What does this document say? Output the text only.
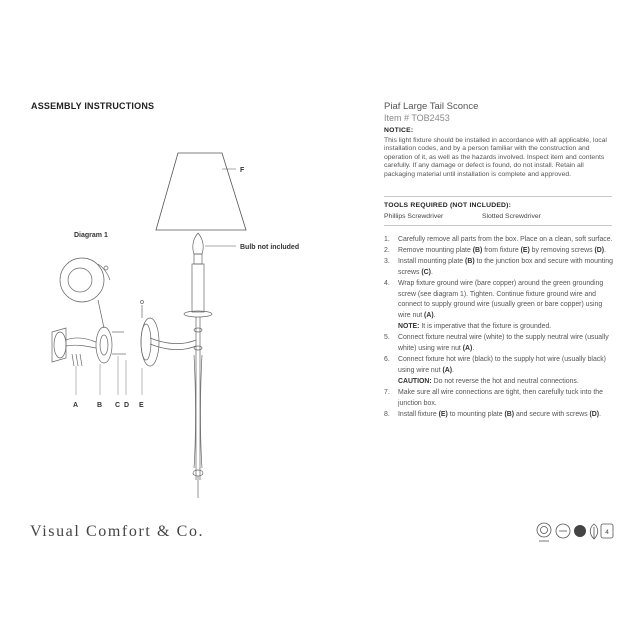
ASSEMBLY INSTRUCTIONS	Piaf Large Tail Sconce
Item # TOB2453
NOTICE:
This light fixture should be installed in accordance with all applicable, local installation codes, and by a person familiar with the construction and operation of it, as well as the hazards involved. Inspect item and contents carefully. If any damage or defect is found, do not install. Retain all packaging material until installation is complete and approved.
TOOLS REQUIRED (NOT INCLUDED):
Phillips Screwdriver	Slotted Screwdriver
1. Carefully remove all parts from the box. Place on a clean, soft surface.
2. Remove mounting plate (B) from fixture (E) by removing screws (D).
3. Install mounting plate (B) to the junction box and secure with mounting screws (C).
4. Wrap fixture ground wire (bare copper) around the green grounding screw (see diagram 1). Tighten. Continue fixture ground wire and connect to supply ground wire (usually green or bare copper) using wire nut (A).
NOTE: It is imperative that the fixture is grounded.
5. Connect fixture neutral wire (white) to the supply neutral wire (usually white) using wire nut (A).
6. Connect fixture hot wire (black) to the supply hot wire (usually black) using wire nut (A).
CAUTION: Do not reverse the hot and neutral connections.
7. Make sure all wire connections are tight, then carefully tuck into the junction box.
8. Install fixture (E) to mounting plate (B) and secure with screws (D).
F
Bulb not included
Diagram 1
A	B C D E
Visual Comfort & Co.	4
